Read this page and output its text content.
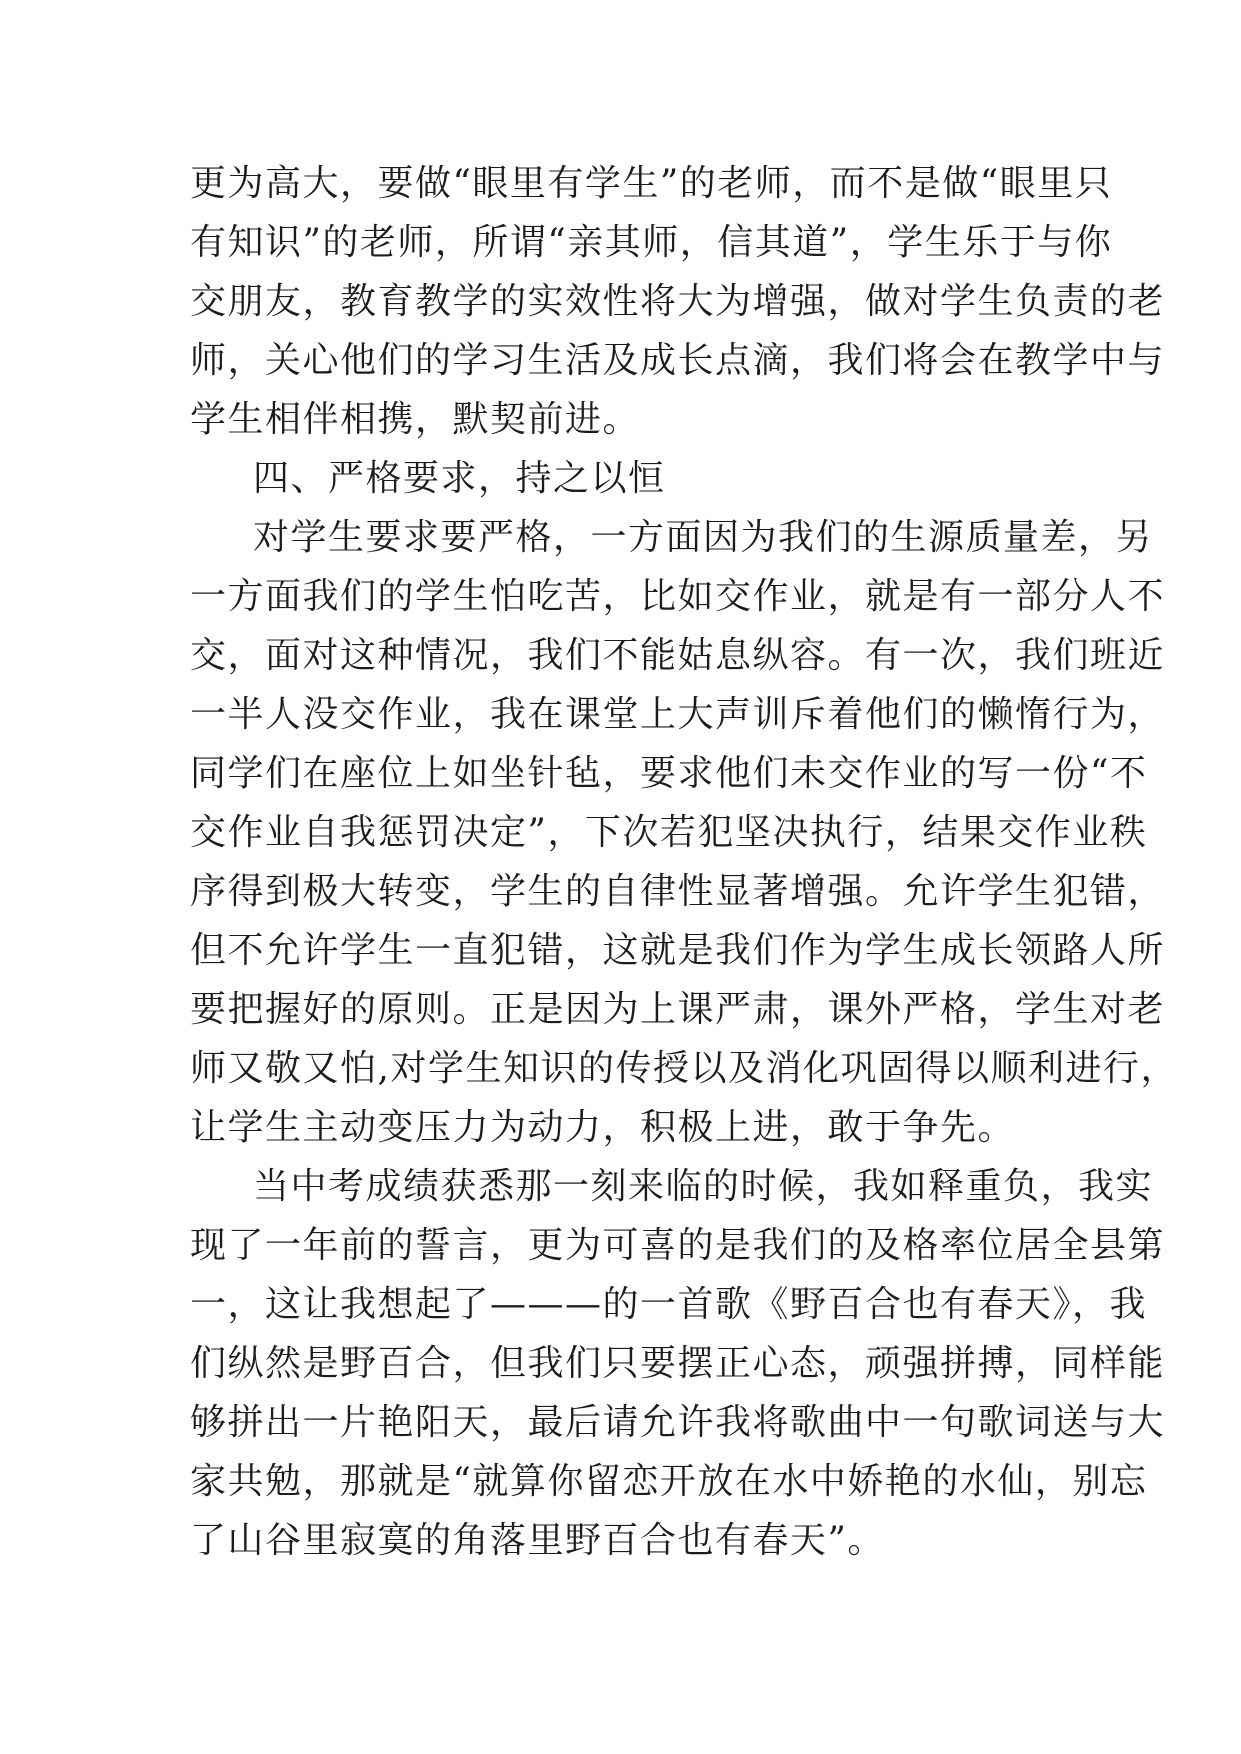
更为高大，要做“眼里有学生”的老师，而不是做“眼里只
有知识”的老师，所谓“亲其师，信其道”，学生乐于与你
交朋友，教育教学的实效性将大为增强，做对学生负责的老
师，关心他们的学习生活及成长点滴，我们将会在教学中与
学生相伴相携，默契前进。
四、严格要求，持之以恒
对学生要求要严格，一方面因为我们的生源质量差，另
一方面我们的学生怕吃苦，比如交作业，就是有一部分人不
交，面对这种情况，我们不能姑息纵容。有一次，我们班近
一半人没交作业，我在课堂上大声训斥着他们的懒惰行为，
同学们在座位上如坐针毡，要求他们未交作业的写一份“不
交作业自我惩罚决定”，下次若犯坚决执行，结果交作业秩
序得到极大转变，学生的自律性显著增强。允许学生犯错，
但不允许学生一直犯错，这就是我们作为学生成长领路人所
要把握好的原则。正是因为上课严肃，课外严格，学生对老
师又敬又怕,对学生知识的传授以及消化巩固得以顺利进行，
让学生主动变压力为动力，积极上进，敢于争先。
当中考成绩获悉那一刻来临的时候，我如释重负，我实
现了一年前的誓言，更为可喜的是我们的及格率位居全县第
一，这让我想起了———的一首歌《野百合也有春天》，我
们纵然是野百合，但我们只要摆正心态，顽强拼搏，同样能
够拼出一片艳阳天，最后请允许我将歌曲中一句歌词送与大
家共勉，那就是“就算你留恋开放在水中娇艳的水仙，别忘
了山谷里寂寞的角落里野百合也有春天”。
